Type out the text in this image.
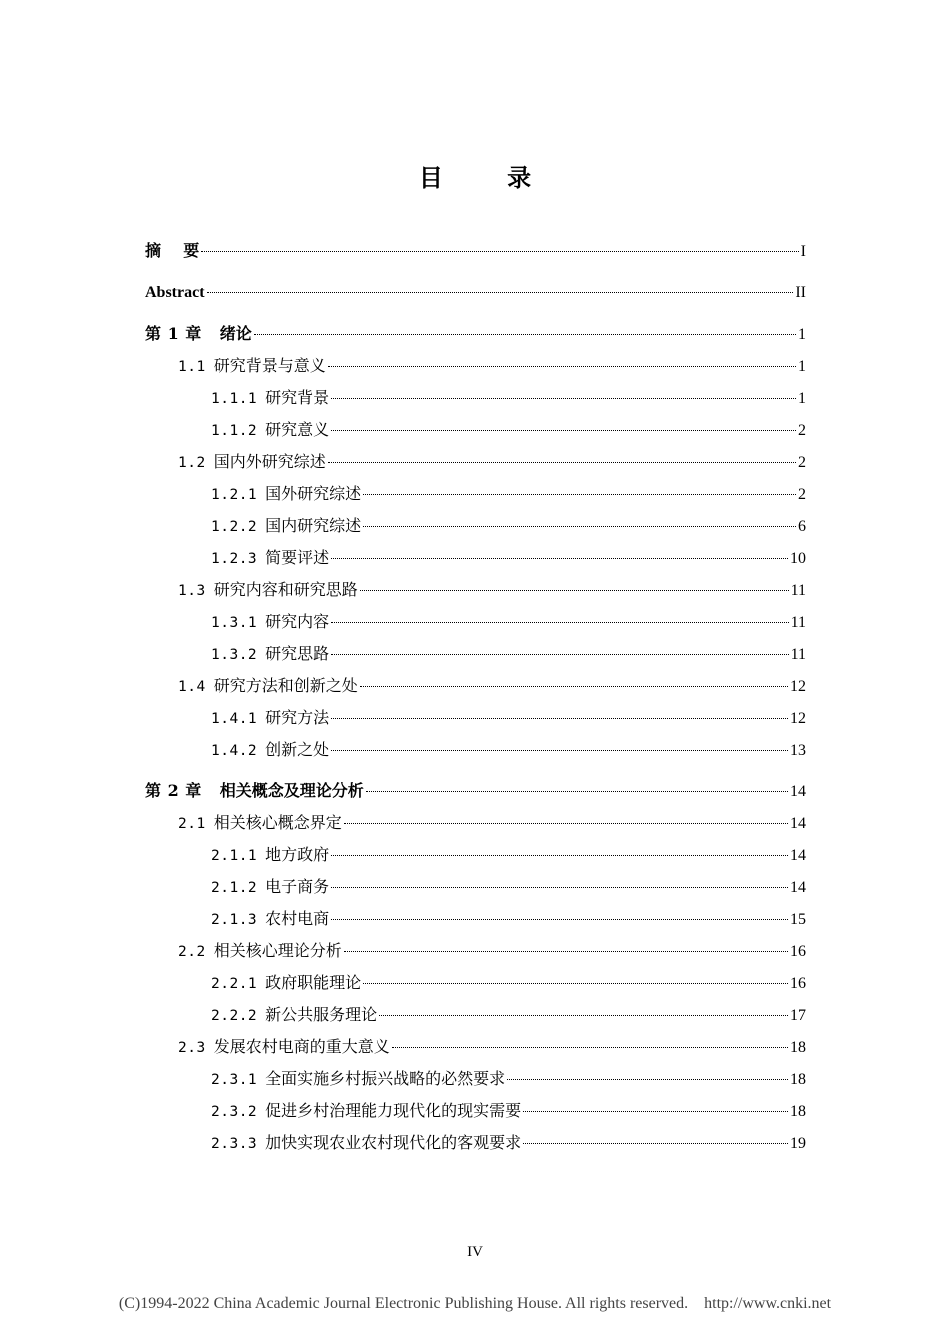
目 录
摘    要	I
Abstract	II
第 1 章 绪论	1
1.1 研究背景与意义	1
1.1.1 研究背景	1
1.1.2 研究意义	2
1.2 国内外研究综述	2
1.2.1 国外研究综述	2
1.2.2 国内研究综述	6
1.2.3 简要评述	10
1.3 研究内容和研究思路	11
1.3.1 研究内容	11
1.3.2 研究思路	11
1.4 研究方法和创新之处	12
1.4.1 研究方法	12
1.4.2 创新之处	13
第 2 章 相关概念及理论分析	14
2.1 相关核心概念界定	14
2.1.1 地方政府	14
2.1.2 电子商务	14
2.1.3 农村电商	15
2.2 相关核心理论分析	16
2.2.1 政府职能理论	16
2.2.2 新公共服务理论	17
2.3 发展农村电商的重大意义	18
2.3.1 全面实施乡村振兴战略的必然要求	18
2.3.2 促进乡村治理能力现代化的现实需要	18
2.3.3 加快实现农业农村现代化的客观要求	19
IV
(C)1994-2022 China Academic Journal Electronic Publishing House. All rights reserved. http://www.cnki.net
